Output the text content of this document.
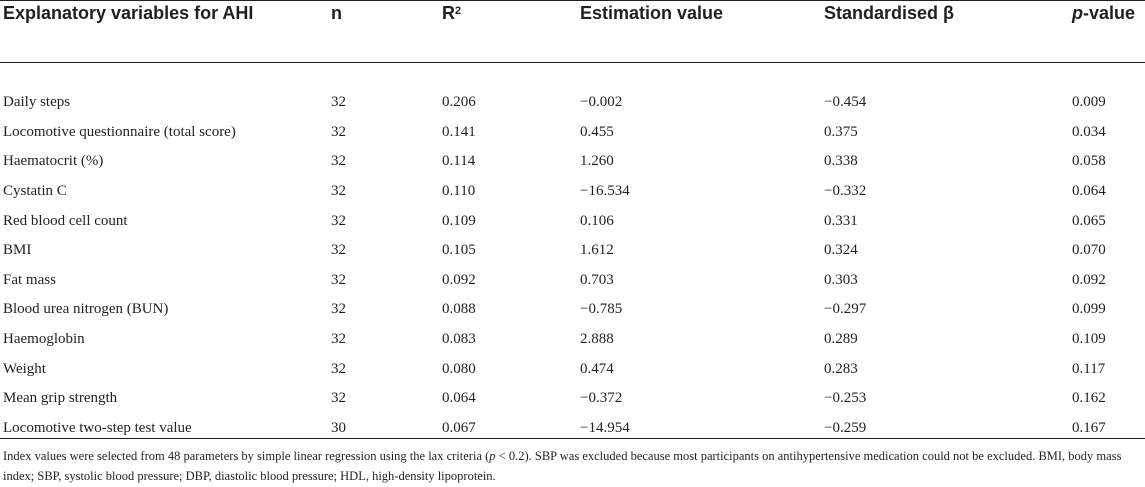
Explanatory variables for AHI	n	$R^2$	Estimation value	Standardised β	p-value
Daily steps	32	0.206	−0.002	−0.454	0.009
Locomotive questionnaire (total score)	32	0.141	0.455	0.375	0.034
Haematocrit (%)	32	0.114	1.260	0.338	0.058
Cystatin C	32	0.110	−16.534	−0.332	0.064
Red blood cell count	32	0.109	0.106	0.331	0.065
BMI	32	0.105	1.612	0.324	0.070
Fat mass	32	0.092	0.703	0.303	0.092
Blood urea nitrogen (BUN)	32	0.088	−0.785	−0.297	0.099
Haemoglobin	32	0.083	2.888	0.289	0.109
Weight	32	0.080	0.474	0.283	0.117
Mean grip strength	32	0.064	−0.372	−0.253	0.162
Locomotive two-step test value	30	0.067	−14.954	−0.259	0.167
Index values were selected from 48 parameters by simple linear regression using the lax criteria (p < 0.2). SBP was excluded because most participants on antihypertensive medication could not be excluded. BMI, body mass index; SBP, systolic blood pressure; DBP, diastolic blood pressure; HDL, high-density lipoprotein.
